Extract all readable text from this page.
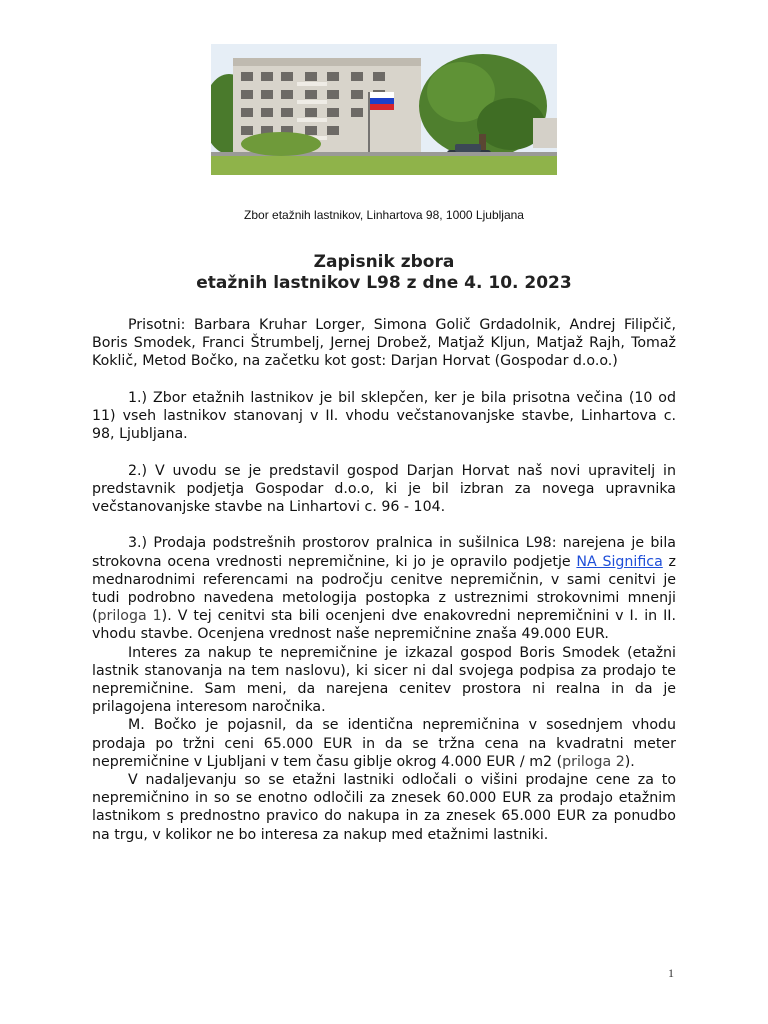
Zbor etažnih lastnikov, Linhartova 98, 1000 Ljubljana
Zapisnik zbora
etažnih lastnikov L98 z dne 4. 10. 2023

Prisotni: Barbara Kruhar Lorger, Simona Golič Grdadolnik, Andrej Filipčič, Boris Smodek, Franci Štrumbelj, Jernej Drobež, Matjaž Kljun, Matjaž Rajh, Tomaž Koklič, Metod Bočko, na začetku kot gost: Darjan Horvat (Gospodar d.o.o.)

1.) Zbor etažnih lastnikov je bil sklepčen, ker je bila prisotna večina (10 od 11) vseh lastnikov stanovanj v II. vhodu večstanovanjske stavbe, Linhartova c. 98, Ljubljana.

2.) V uvodu se je predstavil gospod Darjan Horvat naš novi upravitelj in predstavnik podjetja Gospodar d.o.o, ki je bil izbran za novega upravnika večstanovanjske stavbe na Linhartovi c. 96 - 104.

3.) Prodaja podstrešnih prostorov pralnica in sušilnica L98: narejena je bila strokovna ocena vrednosti nepremičnine, ki jo je opravilo podjetje NA Significa z mednarodnimi referencami na področju cenitve nepremičnin, v sami cenitvi je tudi podrobno navedena metologija postopka z ustreznimi strokovnimi mnenji (priloga 1). V tej cenitvi sta bili ocenjeni dve enakovredni nepremičnini v I. in II. vhodu stavbe. Ocenjena vrednost naše nepremičnine znaša 49.000 EUR.

Interes za nakup te nepremičnine je izkazal gospod Boris Smodek (etažni lastnik stanovanja na tem naslovu), ki sicer ni dal svojega podpisa za prodajo te nepremičnine. Sam meni, da narejena cenitev prostora ni realna in da je prilagojena interesom naročnika.

M. Bočko je pojasnil, da se identična nepremičnina v sosednjem vhodu prodaja po tržni ceni 65.000 EUR in da se tržna cena na kvadratni meter nepremičnine v Ljubljani v tem času giblje okrog 4.000 EUR / m2 (priloga 2).

V nadaljevanju so se etažni lastniki odločali o višini prodajne cene za to nepremičnino in so se enotno odločili za znesek 60.000 EUR za prodajo etažnim lastnikom s prednostno pravico do nakupa in za znesek 65.000 EUR za ponudbo na trgu, v kolikor ne bo interesa za nakup med etažnimi lastniki.

1
